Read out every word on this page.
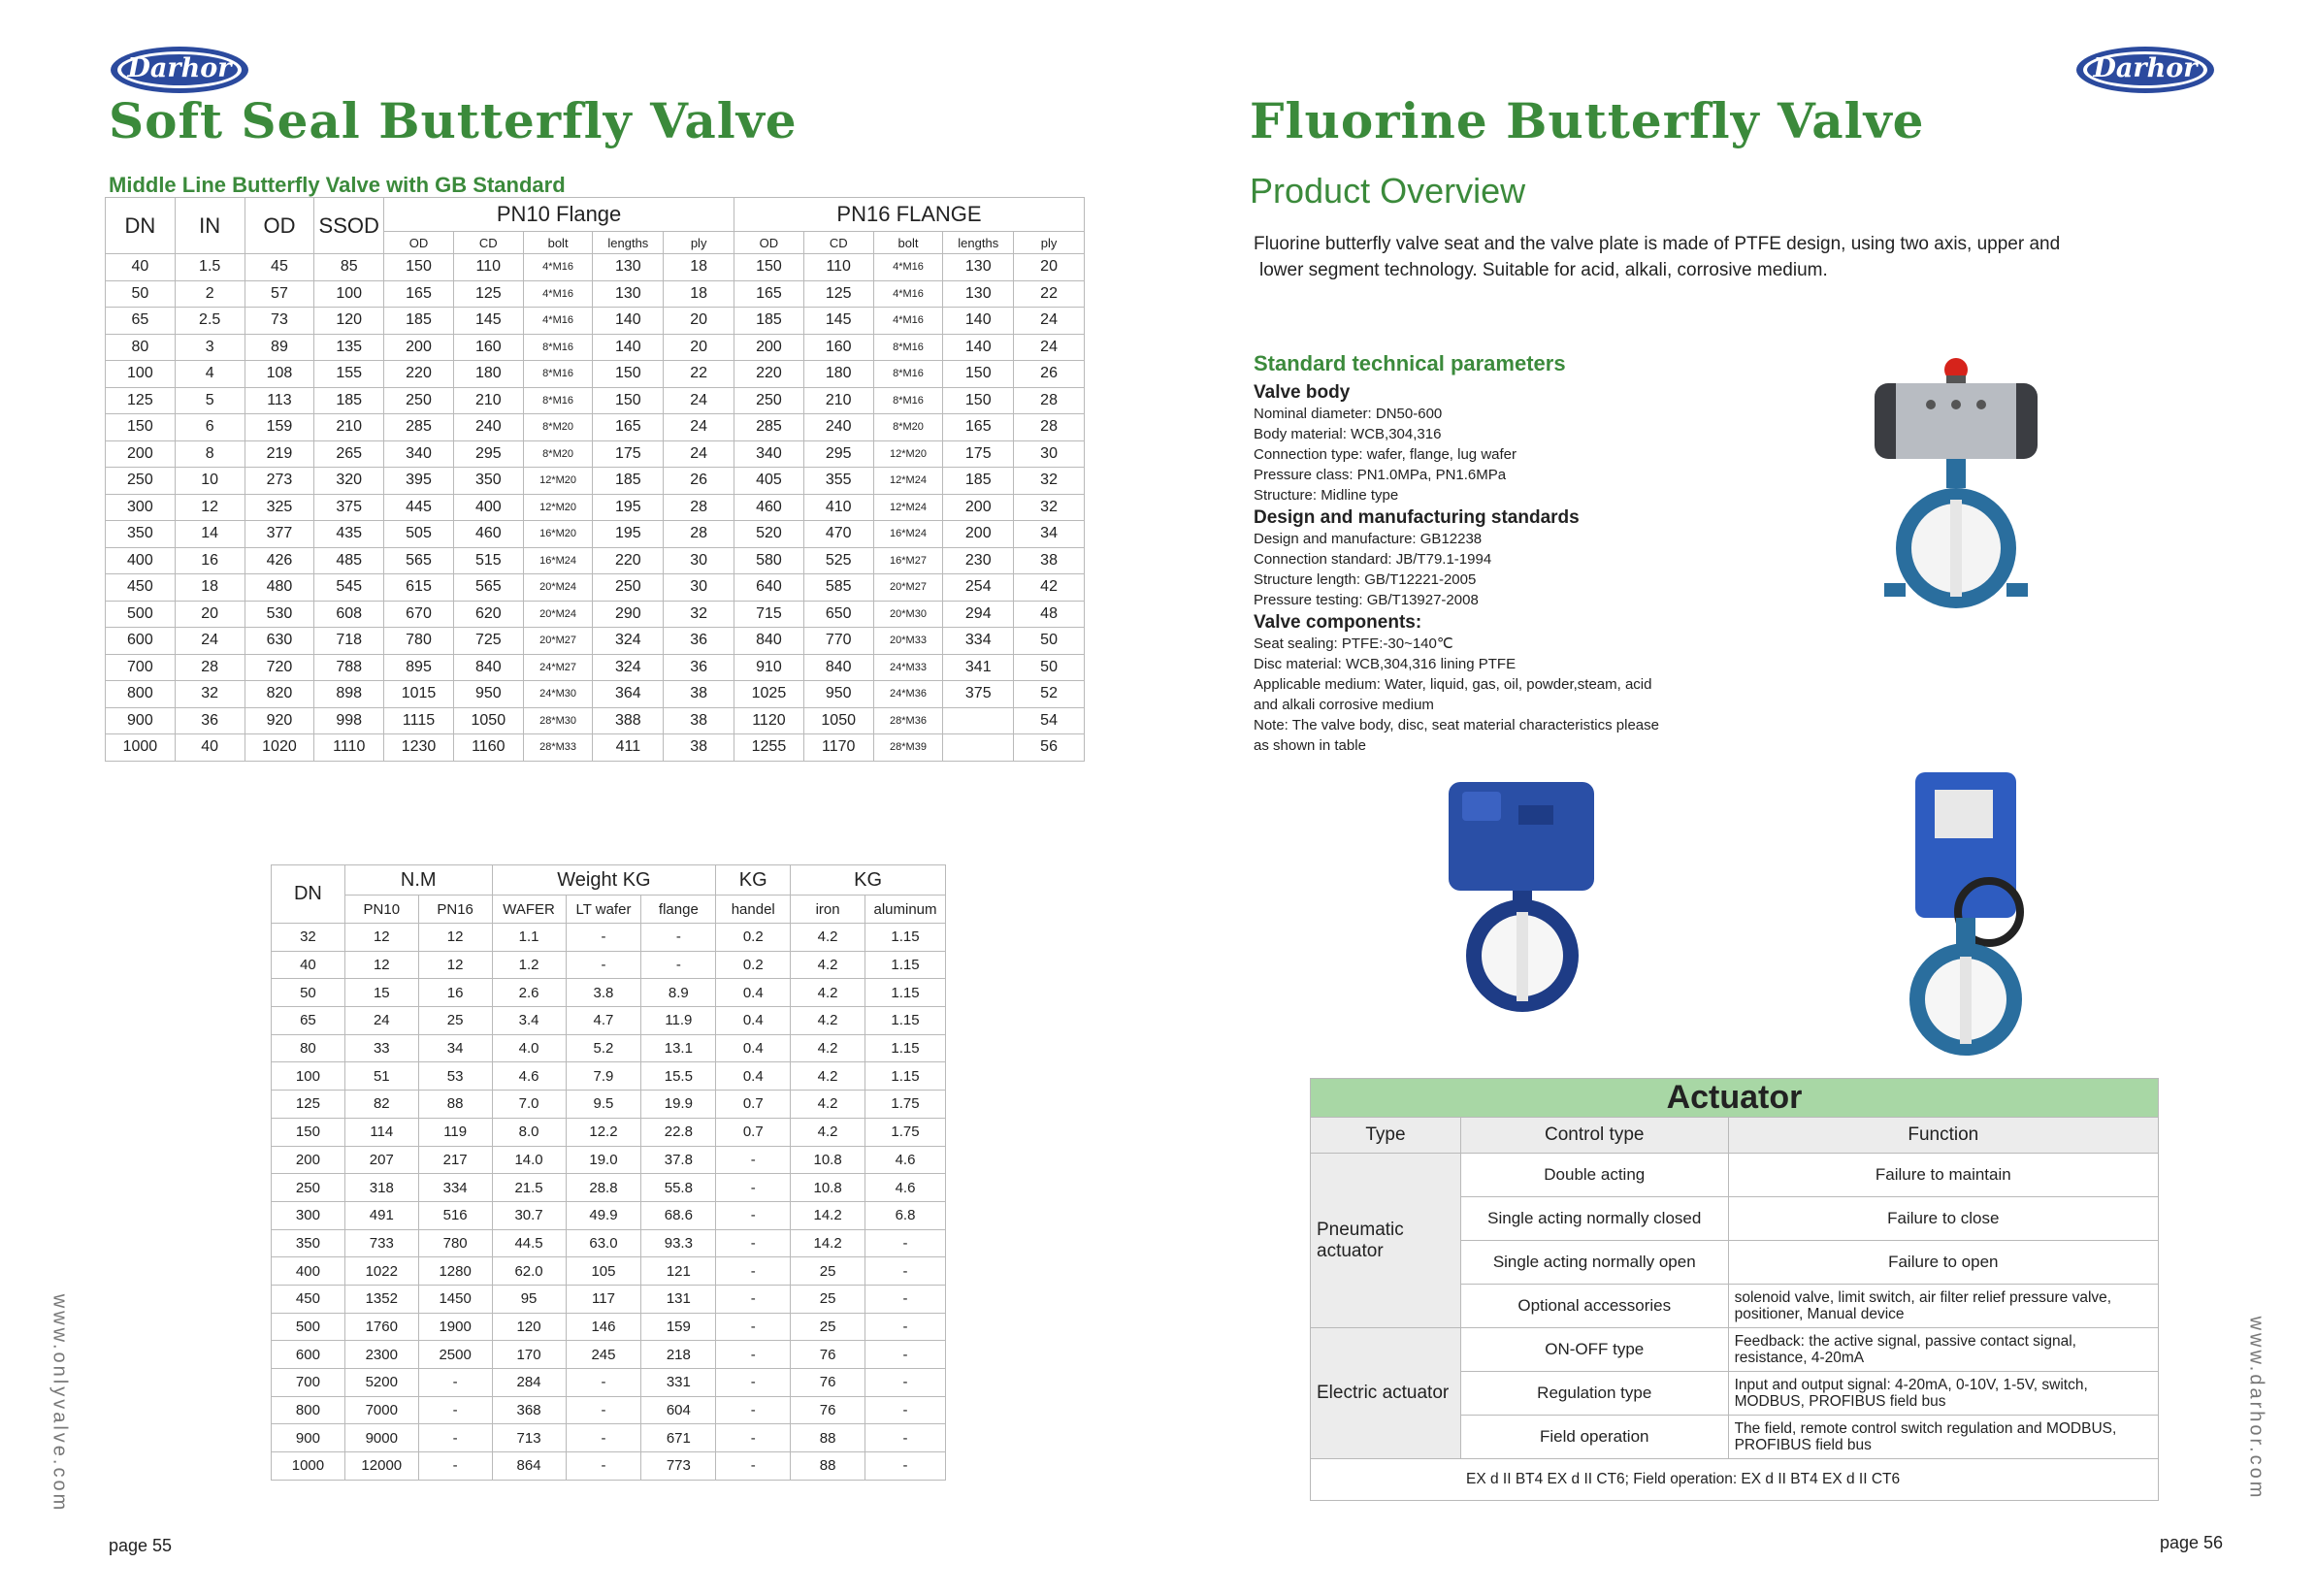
Darhor
Soft Seal Butterfly Valve
Middle Line Butterfly Valve with GB Standard
DN	IN	OD	SSOD	PN10 Flange					PN16 FLANGE				
				OD	CD	bolt	lengths	ply	OD	CD	bolt	lengths	ply
40	1.5	45	85	150	110	4*M16	130	18	150	110	4*M16	130	20
50	2	57	100	165	125	4*M16	130	18	165	125	4*M16	130	22
65	2.5	73	120	185	145	4*M16	140	20	185	145	4*M16	140	24
80	3	89	135	200	160	8*M16	140	20	200	160	8*M16	140	24
100	4	108	155	220	180	8*M16	150	22	220	180	8*M16	150	26
125	5	113	185	250	210	8*M16	150	24	250	210	8*M16	150	28
150	6	159	210	285	240	8*M20	165	24	285	240	8*M20	165	28
200	8	219	265	340	295	8*M20	175	24	340	295	12*M20	175	30
250	10	273	320	395	350	12*M20	185	26	405	355	12*M24	185	32
300	12	325	375	445	400	12*M20	195	28	460	410	12*M24	200	32
350	14	377	435	505	460	16*M20	195	28	520	470	16*M24	200	34
400	16	426	485	565	515	16*M24	220	30	580	525	16*M27	230	38
450	18	480	545	615	565	20*M24	250	30	640	585	20*M27	254	42
500	20	530	608	670	620	20*M24	290	32	715	650	20*M30	294	48
600	24	630	718	780	725	20*M27	324	36	840	770	20*M33	334	50
700	28	720	788	895	840	24*M27	324	36	910	840	24*M33	341	50
800	32	820	898	1015	950	24*M30	364	38	1025	950	24*M36	375	52
900	36	920	998	1115	1050	28*M30	388	38	1120	1050	28*M36		54
1000	40	1020	1110	1230	1160	28*M33	411	38	1255	1170	28*M39		56
DN	N.M		Weight KG			KG	KG	
	PN10	PN16	WAFER	LT wafer	flange	handel	iron	aluminum
32	12	12	1.1	-	-	0.2	4.2	1.15
40	12	12	1.2	-	-	0.2	4.2	1.15
50	15	16	2.6	3.8	8.9	0.4	4.2	1.15
65	24	25	3.4	4.7	11.9	0.4	4.2	1.15
80	33	34	4.0	5.2	13.1	0.4	4.2	1.15
100	51	53	4.6	7.9	15.5	0.4	4.2	1.15
125	82	88	7.0	9.5	19.9	0.7	4.2	1.75
150	114	119	8.0	12.2	22.8	0.7	4.2	1.75
200	207	217	14.0	19.0	37.8	-	10.8	4.6
250	318	334	21.5	28.8	55.8	-	10.8	4.6
300	491	516	30.7	49.9	68.6	-	14.2	6.8
350	733	780	44.5	63.0	93.3	-	14.2	-
400	1022	1280	62.0	105	121	-	25	-
450	1352	1450	95	117	131	-	25	-
500	1760	1900	120	146	159	-	25	-
600	2300	2500	170	245	218	-	76	-
700	5200	-	284	-	331	-	76	-
800	7000	-	368	-	604	-	76	-
900	9000	-	713	-	671	-	88	-
1000	12000	-	864	-	773	-	88	-
www.onlyvalve.com
page 55
Darhor
Fluorine Butterfly Valve
Product Overview
Fluorine butterfly valve seat and the valve plate is made of PTFE design, using two axis, upper and
lower segment technology. Suitable for acid, alkali, corrosive medium.
Standard technical parameters
Valve body
Nominal diameter: DN50-600
Body material: WCB,304,316
Connection type: wafer, flange, lug wafer
Pressure class: PN1.0MPa, PN1.6MPa
Structure: Midline type
Design and manufacturing standards
Design and manufacture: GB12238
Connection standard: JB/T79.1-1994
Structure length: GB/T12221-2005
Pressure testing: GB/T13927-2008
Valve components:
Seat sealing: PTFE:-30~140℃
Disc material: WCB,304,316 lining PTFE
Applicable medium: Water, liquid, gas, oil, powder,steam, acid
and alkali corrosive medium
Note: The valve body, disc, seat material characteristics please
as shown in table
Actuator		
Type	Control type	Function
Pneumatic actuator	Double acting	Failure to maintain
	Single acting normally closed	Failure to close
	Single acting normally open	Failure to open
	Optional accessories	solenoid valve, limit switch, air filter relief pressure valve, positioner, Manual device
Electric actuator	ON-OFF type	Feedback: the active signal, passive contact signal, resistance, 4-20mA
	Regulation type	Input and output signal: 4-20mA, 0-10V, 1-5V, switch, MODBUS, PROFIBUS field bus
	Field operation	The field, remote control switch regulation and MODBUS, PROFIBUS field bus
EX d II BT4 EX d II CT6; Field operation: EX d II BT4 EX d II CT6			www.darhor.com
page 56
